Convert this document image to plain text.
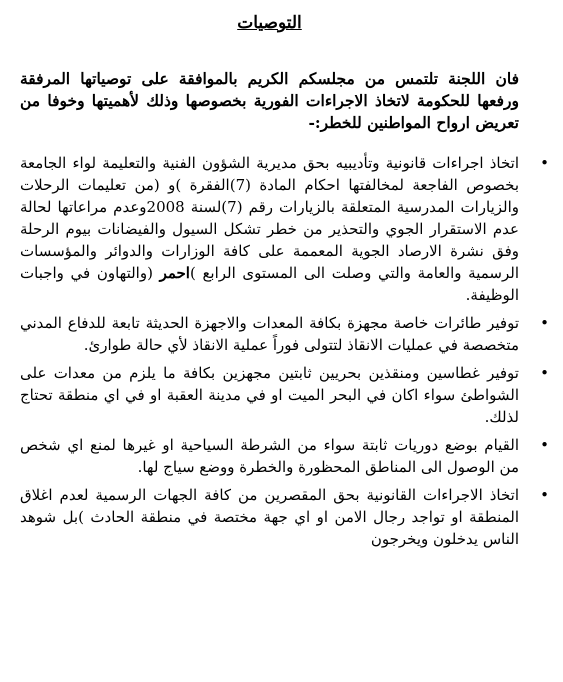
التوصيات

فان اللجنة تلتمس من مجلسكم الكريم بالموافقة على توصياتها المرفقة ورفعها للحكومة لاتخاذ الاجراءات الفورية بخصوصها وذلك لأهميتها وخوفا من تعريض ارواح المواطنين للخطر:-

•
اتخاذ اجراءات قانونية وتأديبيه بحق مديرية الشؤون الفنية والتعليمة لواء الجامعة بخصوص الفاجعة لمخالفتها احكام المادة (7)الفقرة )و (من تعليمات الرحلات والزيارات المدرسية المتعلقة بالزيارات رقم (7)لسنة 2008وعدم مراعاتها لحالة عدم الاستقرار الجوي والتحذير من خطر تشكل السيول والفيضانات بيوم الرحلة وفق نشرة الارصاد الجوية المعممة على كافة الوزارات والدوائر والمؤسسات الرسمية والعامة والتي وصلت الى المستوى الرابع )احمر (والتهاون في واجبات الوظيفة.
•
توفير طائرات خاصة مجهزة بكافة المعدات والاجهزة الحديثة تابعة للدفاع المدني متخصصة في عمليات الانقاذ لتتولى فوراً عملية الانقاذ لأي حالة طوارئ.
•
توفير غطاسين ومنقذين بحريين ثابتين مجهزين بكافة ما يلزم من معدات على الشواطئ سواء اكان في البحر الميت او في مدينة العقبة او في اي منطقة تحتاج لذلك.
•
القيام بوضع دوريات ثابتة سواء من الشرطة السياحية او غيرها لمنع اي شخص من الوصول الى المناطق المحظورة والخطرة ووضع سياج لها.
•
اتخاذ الاجراءات القانونية بحق المقصرين من كافة الجهات الرسمية لعدم اغلاق المنطقة او تواجد رجال الامن او اي جهة مختصة في منطقة الحادث )بل شوهد الناس يدخلون ويخرجون
